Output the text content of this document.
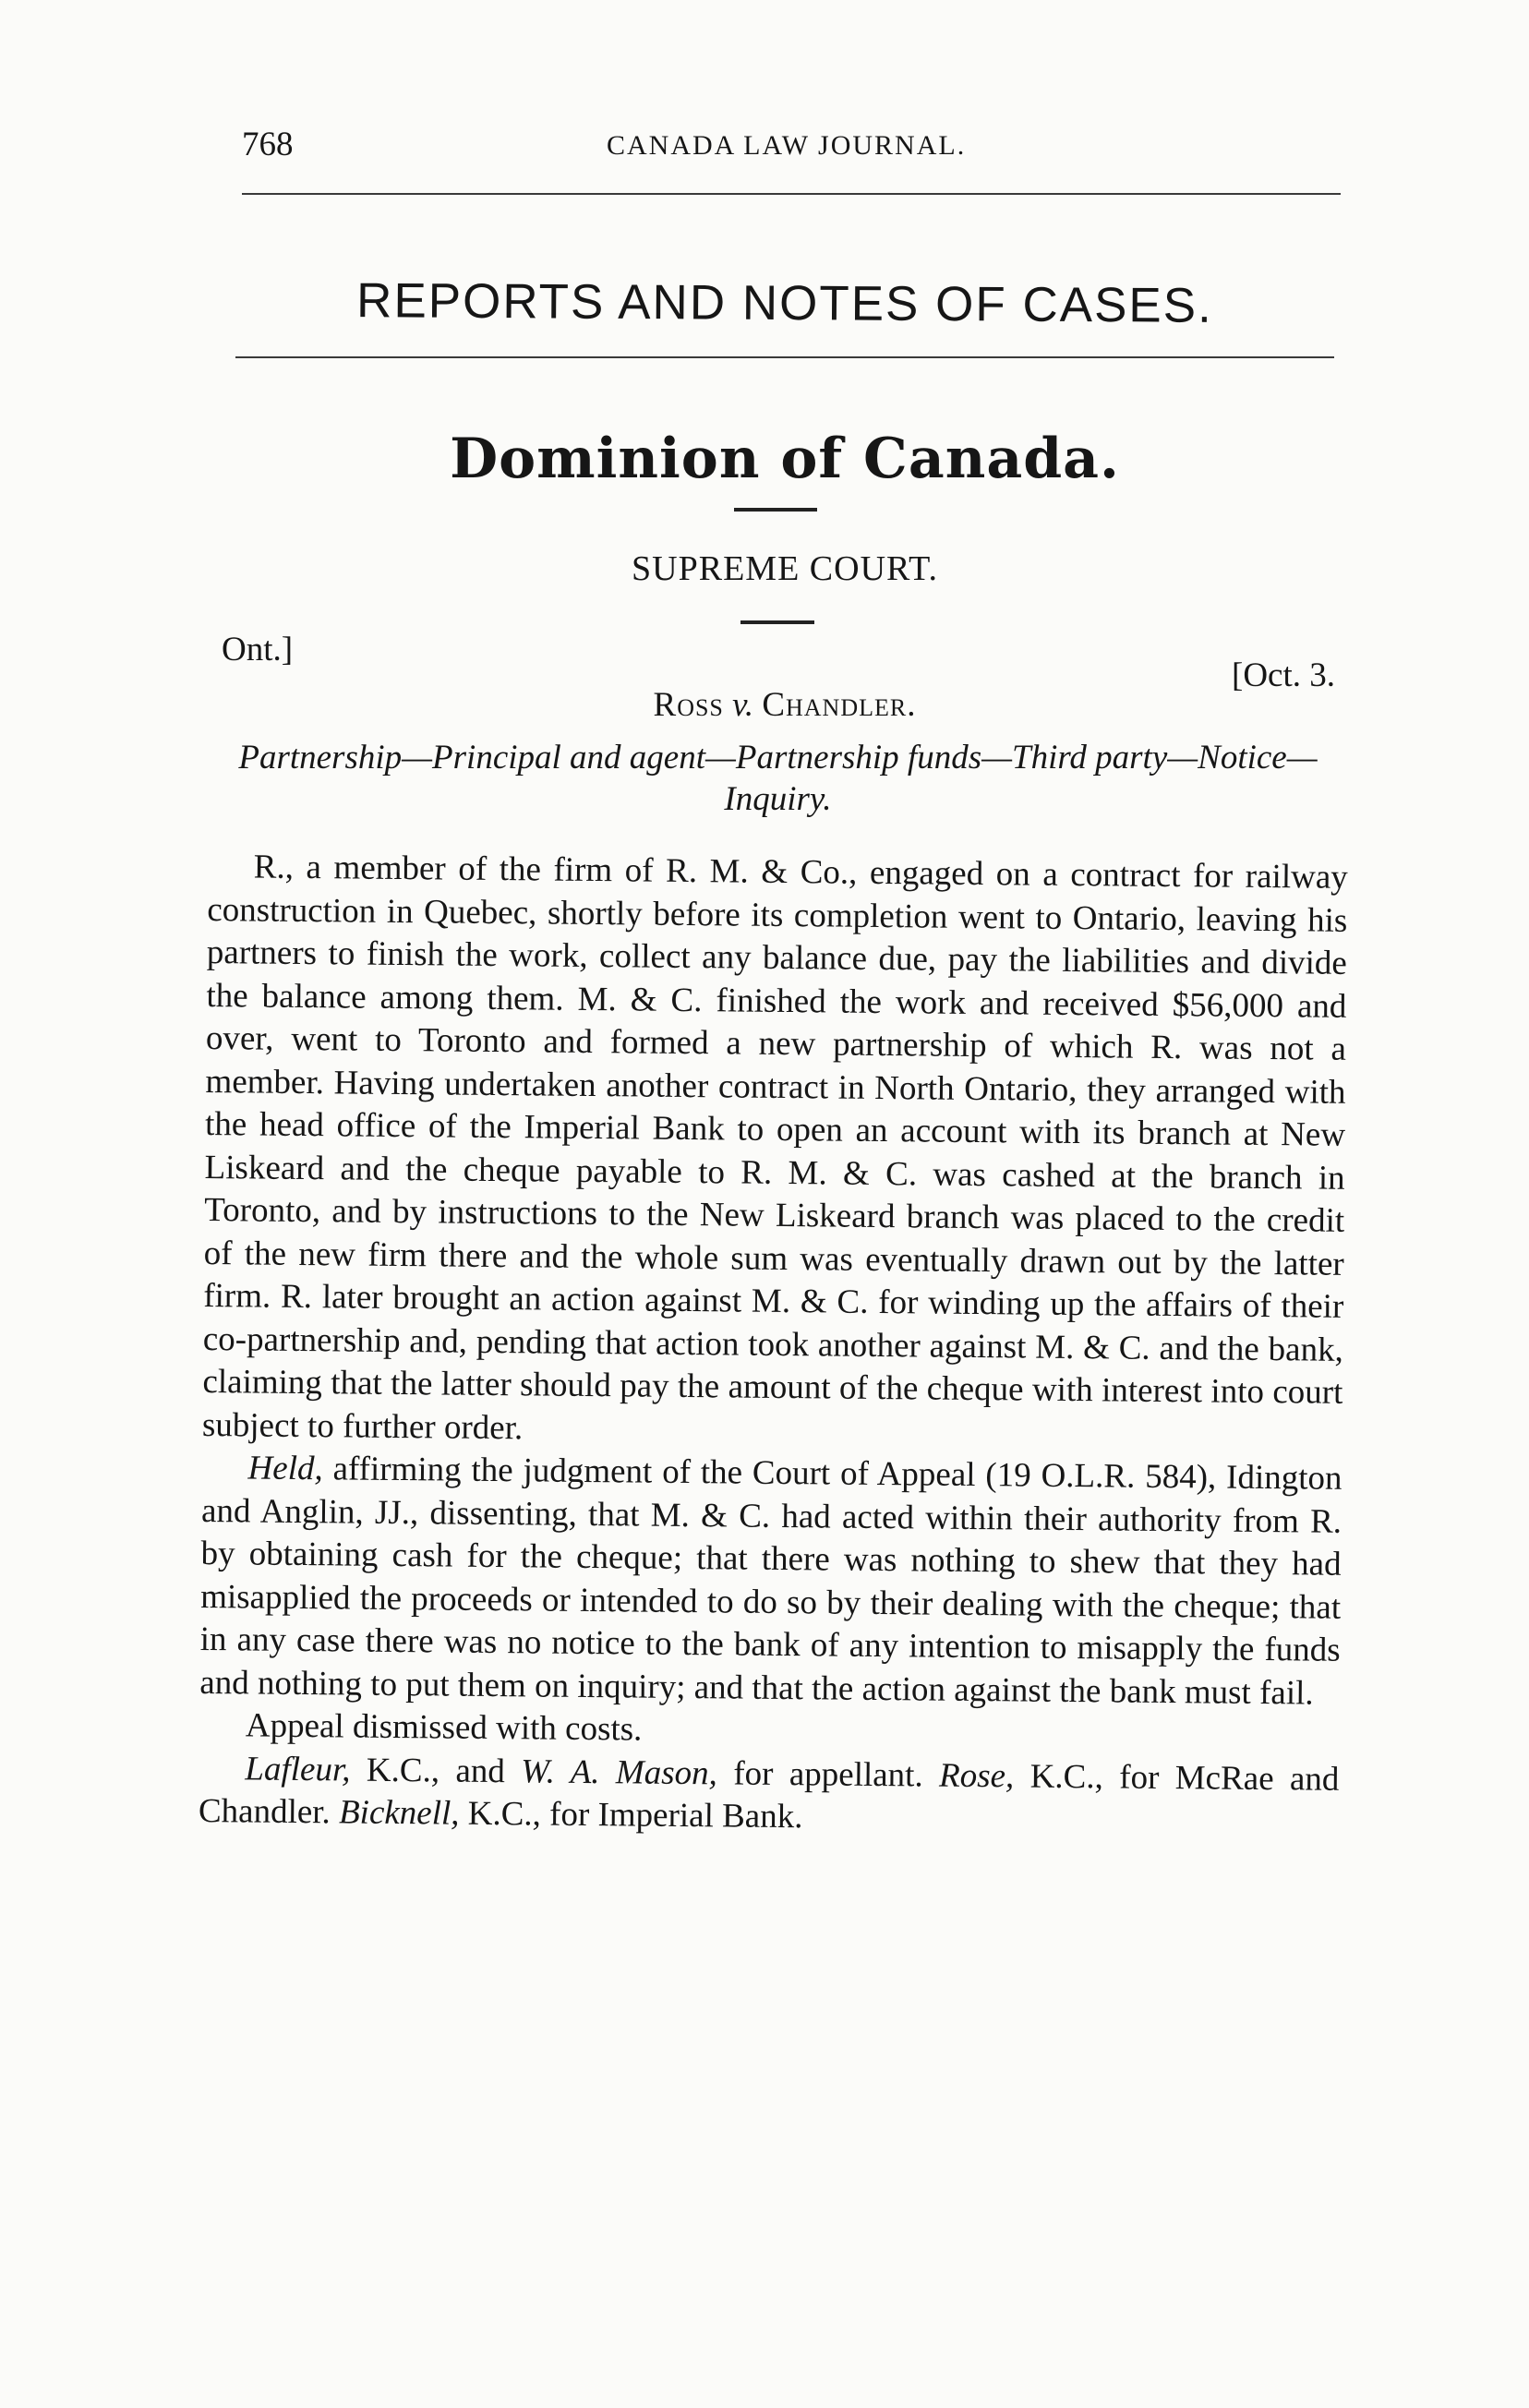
768	CANADA LAW JOURNAL.
REPORTS AND NOTES OF CASES.
Dominion of Canada.
SUPREME COURT.
Ont.]
[Oct. 3.
Ross v. Chandler.
Partnership—Principal and agent—Partnership funds—Third party—Notice—Inquiry.

R., a member of the firm of R. M. & Co., engaged on a contract for railway construction in Quebec, shortly before its completion went to Ontario, leaving his partners to finish the work, collect any balance due, pay the liabilities and divide the balance among them. M. & C. finished the work and received $56,000 and over, went to Toronto and formed a new partnership of which R. was not a member. Having undertaken another contract in North Ontario, they arranged with the head office of the Imperial Bank to open an account with its branch at New Liskeard and the cheque payable to R. M. & C. was cashed at the branch in Toronto, and by instructions to the New Liskeard branch was placed to the credit of the new firm there and the whole sum was eventually drawn out by the latter firm. R. later brought an action against M. & C. for winding up the affairs of their co-partnership and, pending that action took another against M. & C. and the bank, claiming that the latter should pay the amount of the cheque with interest into court subject to further order.

Held, affirming the judgment of the Court of Appeal (19 O.L.R. 584), Idington and Anglin, JJ., dissenting, that M. & C. had acted within their authority from R. by obtaining cash for the cheque; that there was nothing to shew that they had misapplied the proceeds or intended to do so by their dealing with the cheque; that in any case there was no notice to the bank of any intention to misapply the funds and nothing to put them on inquiry; and that the action against the bank must fail.

Appeal dismissed with costs.

Lafleur, K.C., and W. A. Mason, for appellant. Rose, K.C., for McRae and Chandler. Bicknell, K.C., for Imperial Bank.
